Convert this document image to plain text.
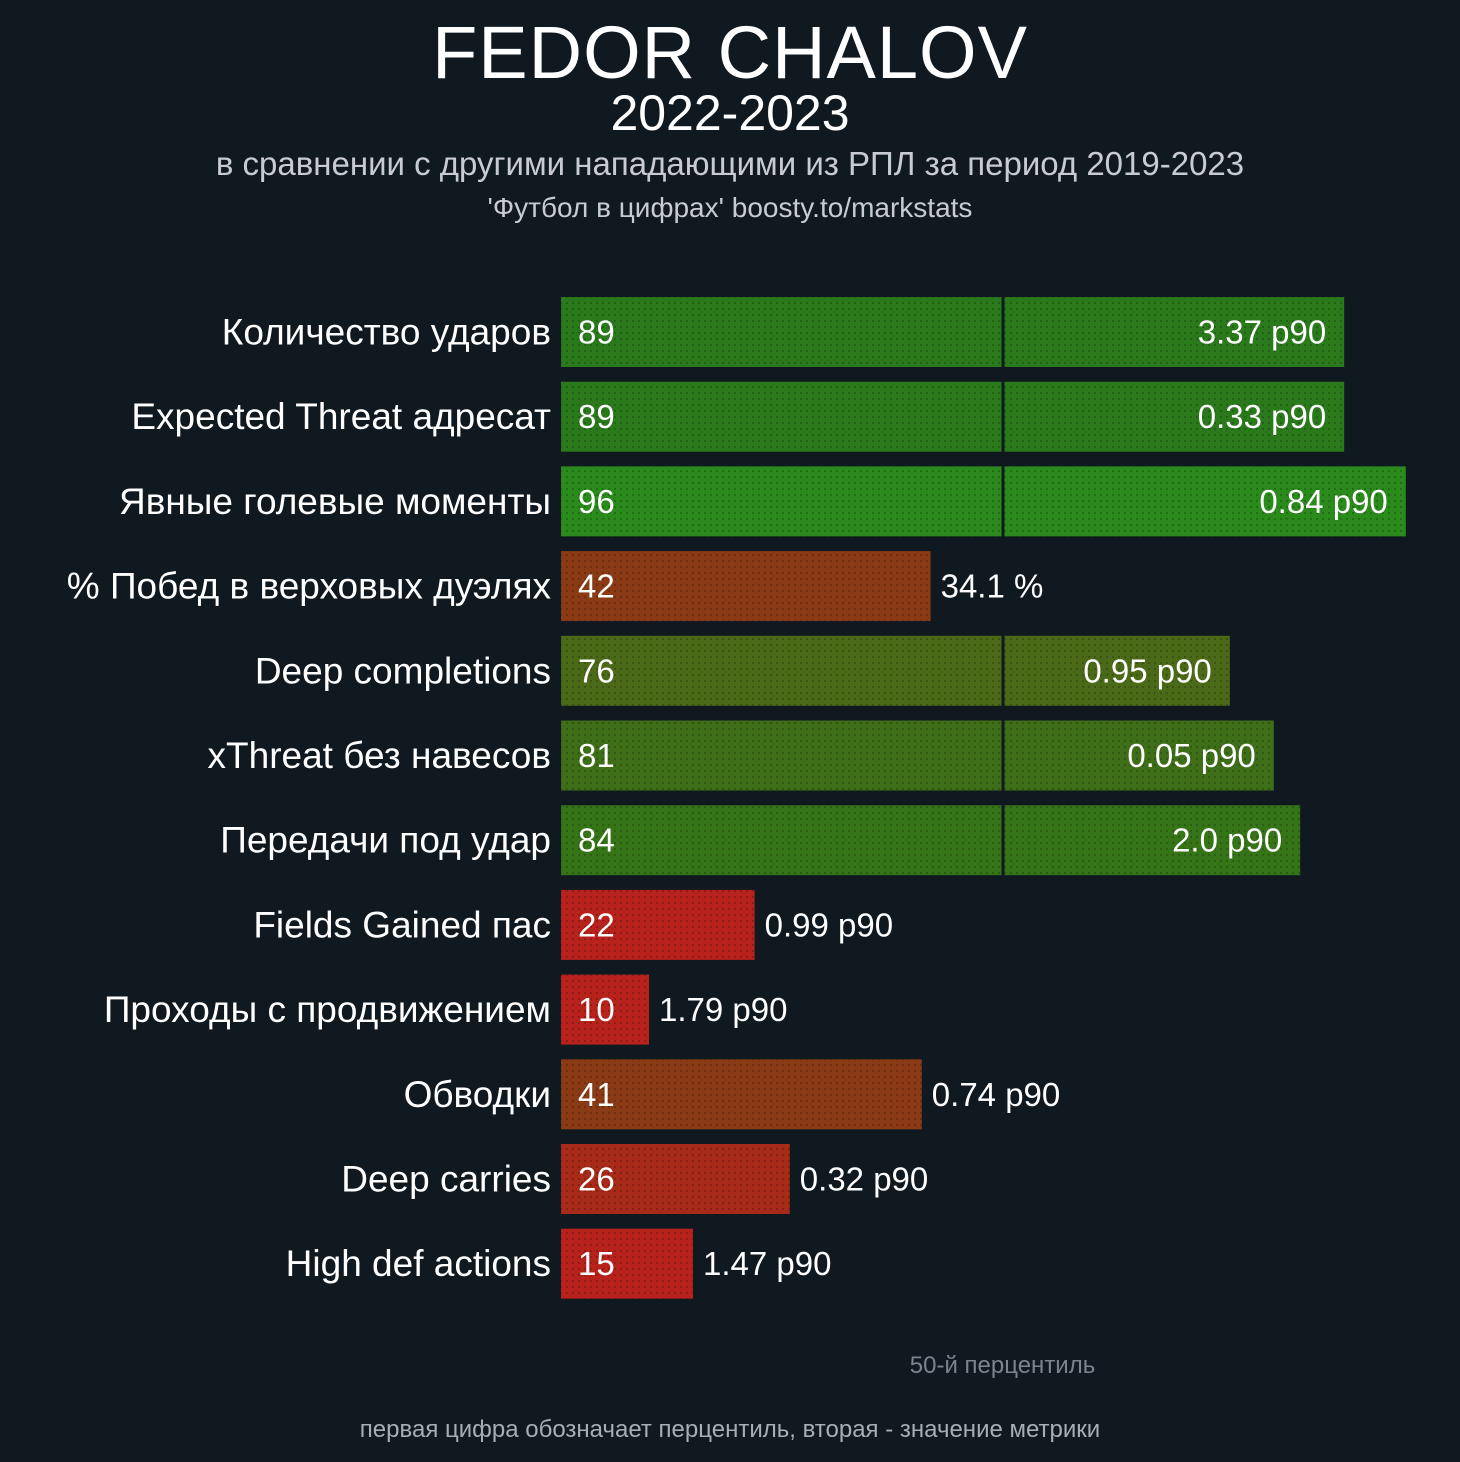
FEDOR CHALOV
2022-2023
в сравнении с другими нападающими из РПЛ за период 2019-2023
'Футбол в цифрах' boosty.to/markstats
Количество ударов 89	3.37 p90
Expected Threat адресат 89	0.33 p90
Явные голевые моменты 96	0.84 p90
% Побед в верховых дуэлях 42	34.1 %
Deep completions 76	0.95 p90
xThreat без навесов 81	0.05 p90
Передачи под удар 84	2.0 p90
Fields Gained пас 22	0.99 p90
Проходы с продвижением 10 1.79 p90
Обводки 41	0.74 p90
Deep carries 26	0.32 p90
High def actions 15	1.47 p90
50-й перцентиль
первая цифра обозначает перцентиль, вторая - значение метрики
